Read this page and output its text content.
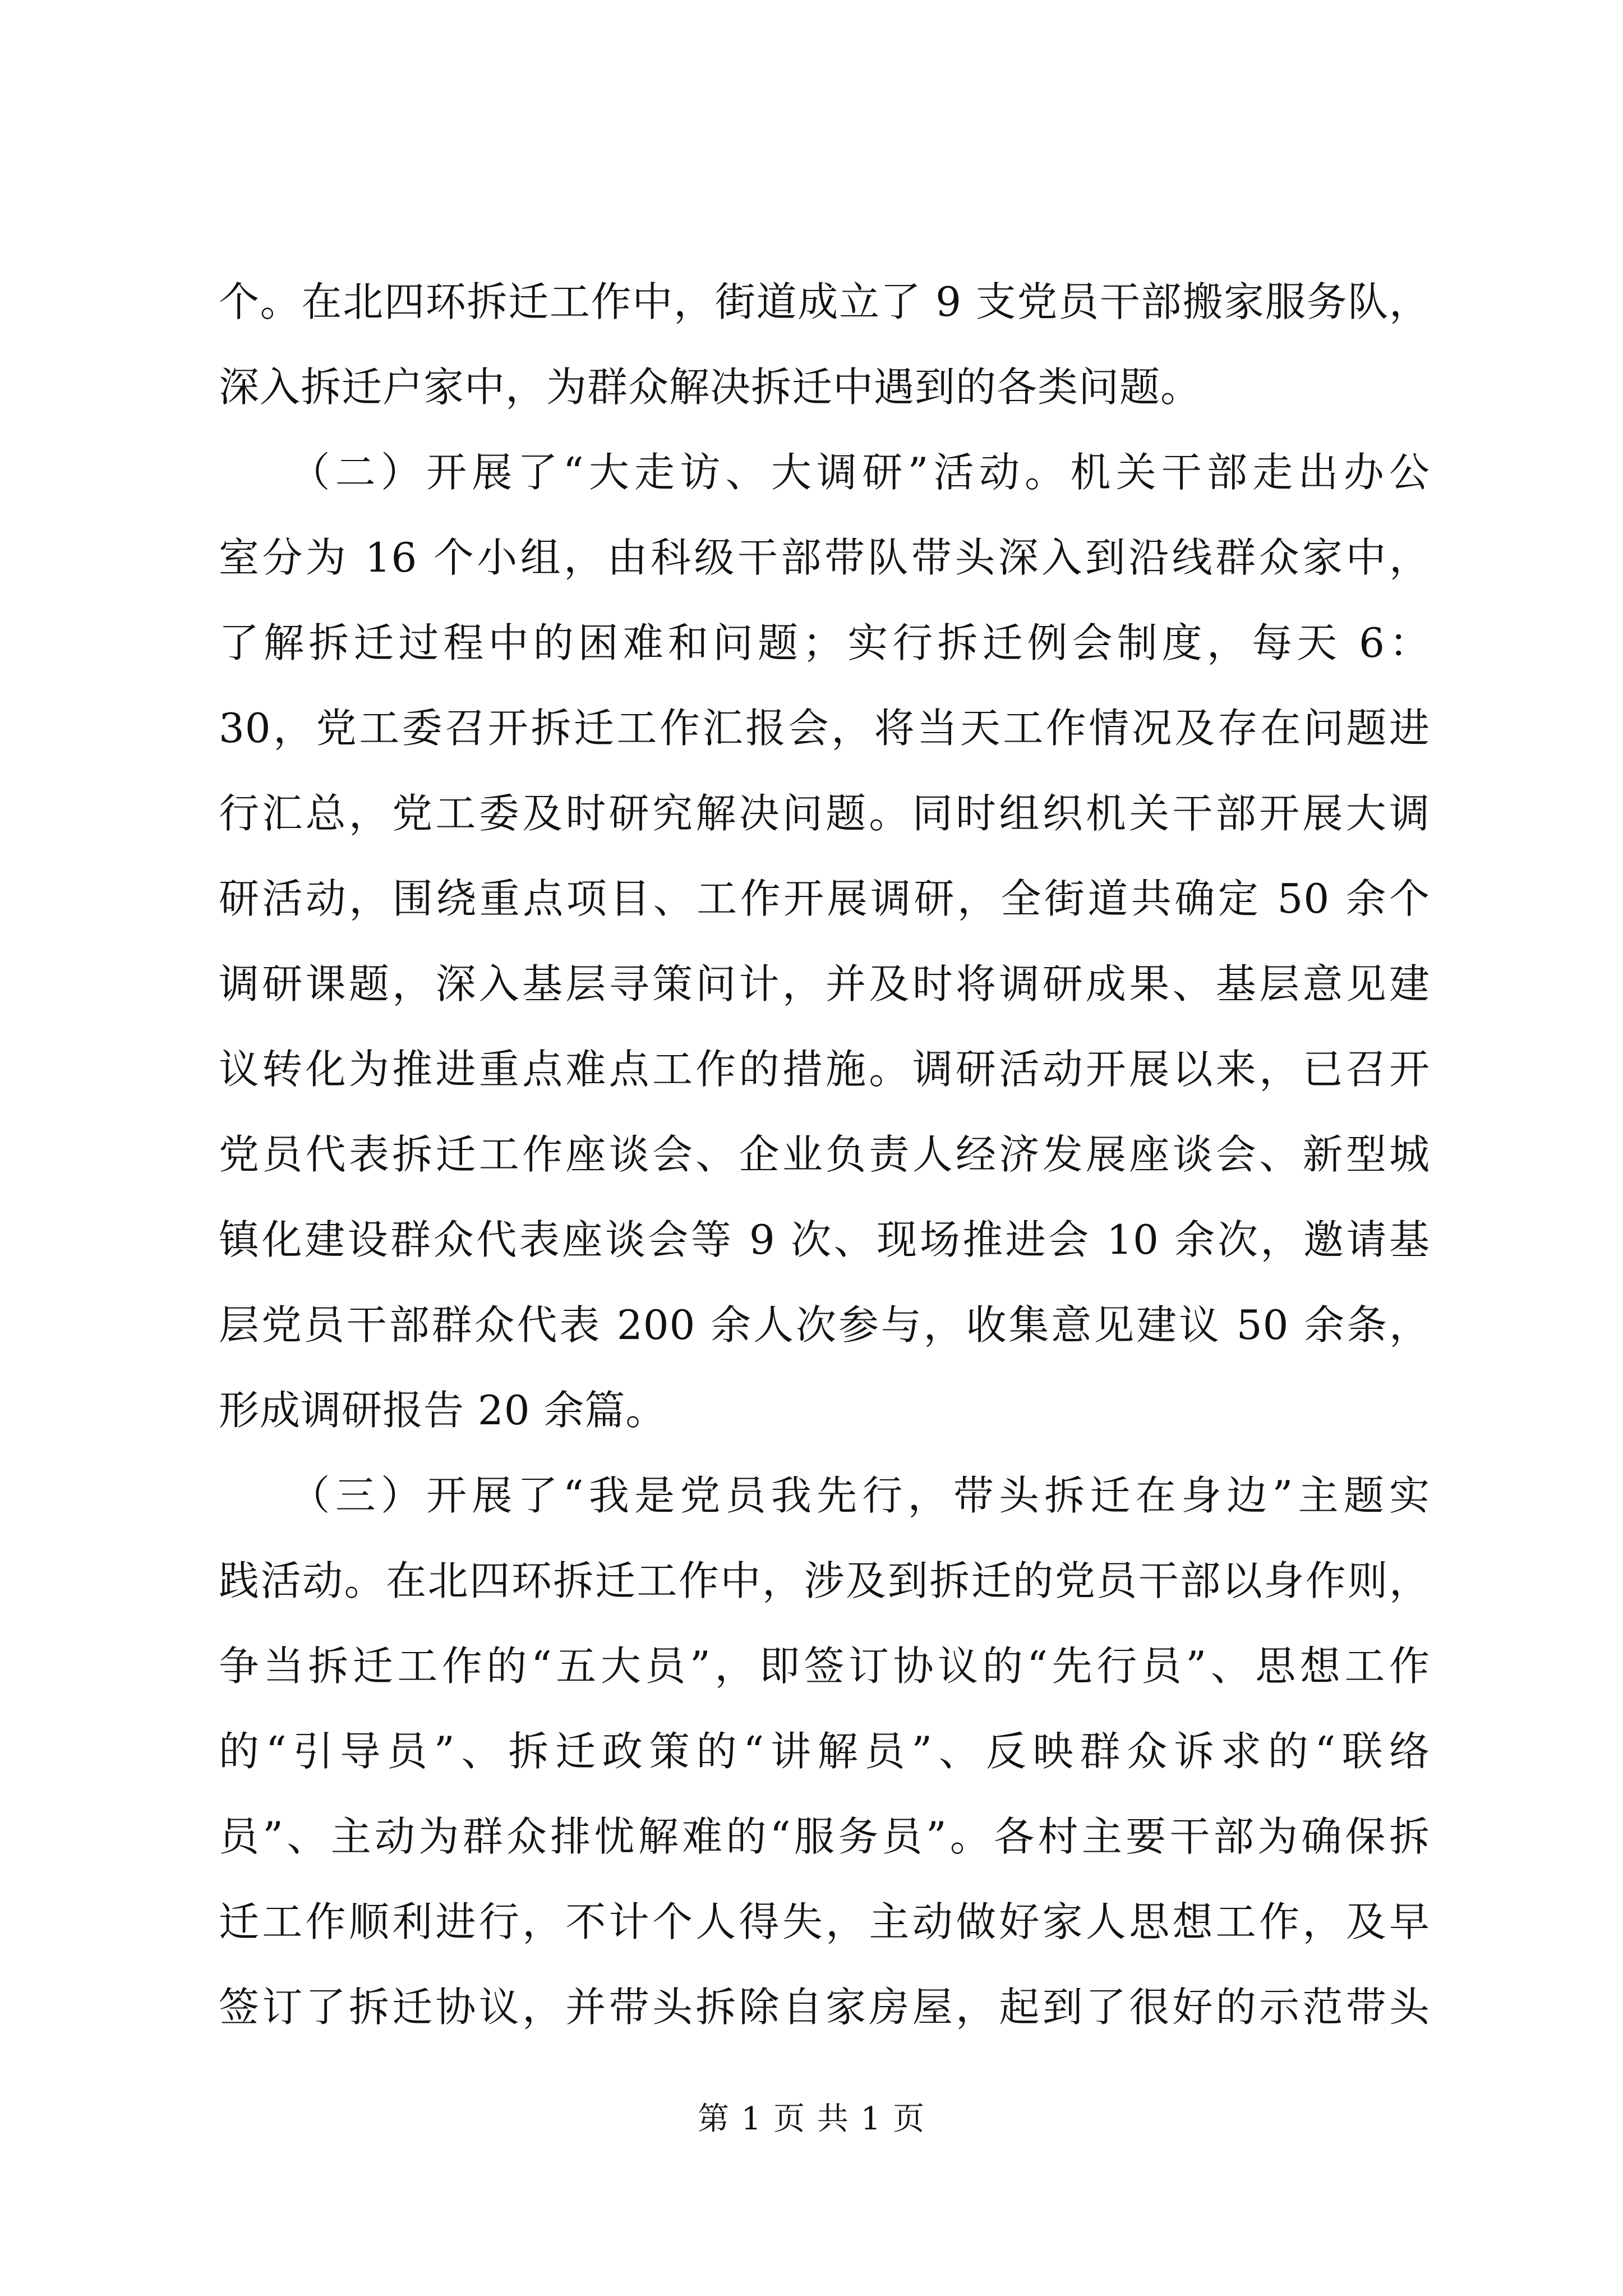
个。在北四环拆迁工作中，街道成立了 9 支党员干部搬家服务队，
深入拆迁户家中，为群众解决拆迁中遇到的各类问题。
　　（二）开展了“大走访、大调研”活动。机关干部走出办公
室分为 16 个小组，由科级干部带队带头深入到沿线群众家中，
了解拆迁过程中的困难和问题；实行拆迁例会制度，每天 6：
30，党工委召开拆迁工作汇报会，将当天工作情况及存在问题进
行汇总，党工委及时研究解决问题。同时组织机关干部开展大调
研活动，围绕重点项目、工作开展调研，全街道共确定 50 余个
调研课题，深入基层寻策问计，并及时将调研成果、基层意见建
议转化为推进重点难点工作的措施。调研活动开展以来，已召开
党员代表拆迁工作座谈会、企业负责人经济发展座谈会、新型城
镇化建设群众代表座谈会等 9 次、现场推进会 10 余次，邀请基
层党员干部群众代表 200 余人次参与，收集意见建议 50 余条，
形成调研报告 20 余篇。
　　（三）开展了“我是党员我先行，带头拆迁在身边”主题实
践活动。在北四环拆迁工作中，涉及到拆迁的党员干部以身作则，
争当拆迁工作的“五大员”，即签订协议的“先行员”、思想工作
的“引导员”、拆迁政策的“讲解员”、反映群众诉求的“联络
员”、主动为群众排忧解难的“服务员”。各村主要干部为确保拆
迁工作顺利进行，不计个人得失，主动做好家人思想工作，及早
签订了拆迁协议，并带头拆除自家房屋，起到了很好的示范带头
第 1 页 共 1 页
